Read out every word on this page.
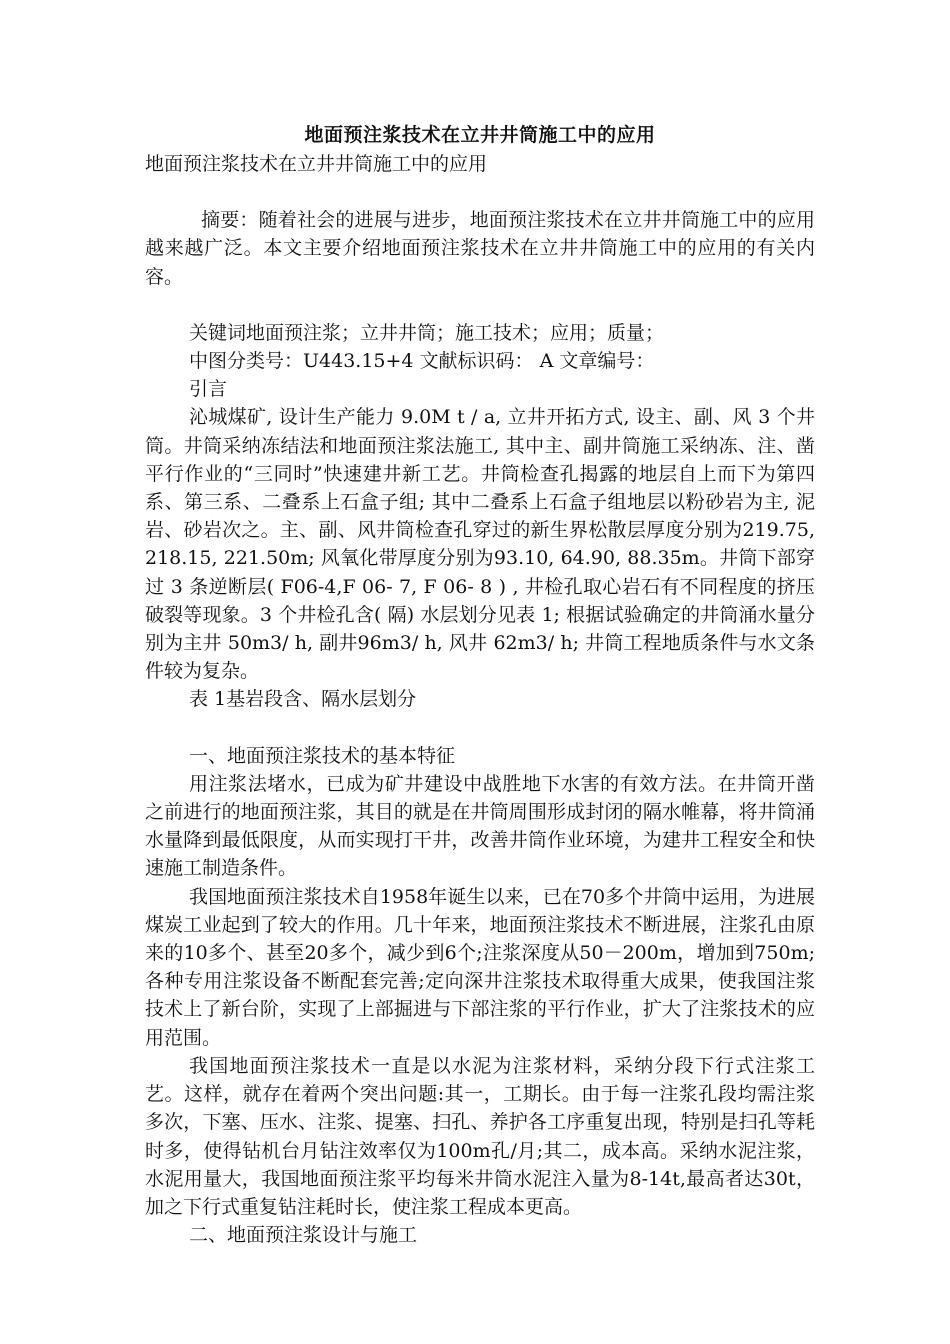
地面预注浆技术在立井井筒施工中的应用

地面预注浆技术在立井井筒施工中的应用

摘要：随着社会的进展与进步，地面预注浆技术在立井井筒施工中的应用越来越广泛。本文主要介绍地面预注浆技术在立井井筒施工中的应用的有关内容。

关键词地面预注浆；立井井筒；施工技术；应用；质量；

中图分类号：U443.15+4 文献标识码： A 文章编号：

引言

沁城煤矿, 设计生产能力 9.0M t / a, 立井开拓方式, 设主、副、风 3 个井筒。井筒采纳冻结法和地面预注浆法施工, 其中主、副井筒施工采纳冻、注、凿平行作业的“三同时”快速建井新工艺。井筒检查孔揭露的地层自上而下为第四系、第三系、二叠系上石盒子组; 其中二叠系上石盒子组地层以粉砂岩为主, 泥岩、砂岩次之。主、副、风井筒检查孔穿过的新生界松散层厚度分别为219.75, 218.15, 221.50m; 风氧化带厚度分别为93.10, 64.90, 88.35m。井筒下部穿过 3 条逆断层( F06-4,F 06- 7, F 06- 8 ) , 井检孔取心岩石有不同程度的挤压破裂等现象。3 个井检孔含( 隔) 水层划分见表 1; 根据试验确定的井筒涌水量分别为主井 50m3/ h, 副井96m3/ h, 风井 62m3/ h; 井筒工程地质条件与水文条件较为复杂。

表 1基岩段含、隔水层划分

一、地面预注浆技术的基本特征

用注浆法堵水，已成为矿井建设中战胜地下水害的有效方法。在井筒开凿之前进行的地面预注浆，其目的就是在井筒周围形成封闭的隔水帷幕，将井筒涌水量降到最低限度，从而实现打干井，改善井筒作业环境，为建井工程安全和快速施工制造条件。

我国地面预注浆技术自1958年诞生以来，已在70多个井筒中运用，为进展煤炭工业起到了较大的作用。几十年来，地面预注浆技术不断进展，注浆孔由原来的10多个、甚至20多个，减少到6个;注浆深度从50－200m，增加到750m;各种专用注浆设备不断配套完善;定向深井注浆技术取得重大成果，使我国注浆技术上了新台阶，实现了上部掘进与下部注浆的平行作业，扩大了注浆技术的应用范围。

我国地面预注浆技术一直是以水泥为注浆材料，采纳分段下行式注浆工艺。这样，就存在着两个突出问题:其一，工期长。由于每一注浆孔段均需注浆多次，下塞、压水、注浆、提塞、扫孔、养护各工序重复出现，特别是扫孔等耗时多，使得钻机台月钻注效率仅为100m孔/月;其二，成本高。采纳水泥注浆，水泥用量大，我国地面预注浆平均每米井筒水泥注入量为8-14t,最高者达30t，加之下行式重复钻注耗时长，使注浆工程成本更高。

二、地面预注浆设计与施工
